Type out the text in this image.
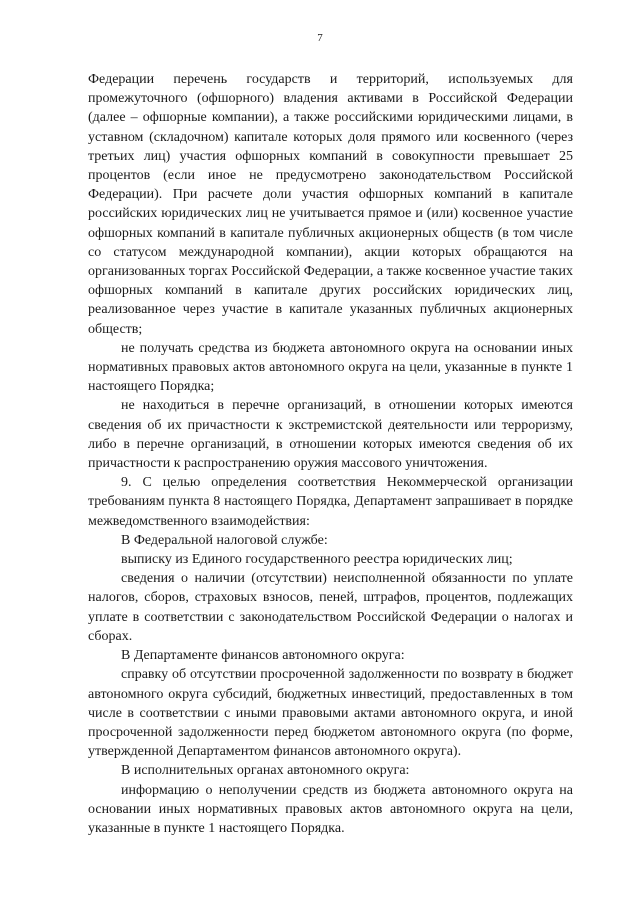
7

Федерации перечень государств и территорий, используемых для промежуточного (офшорного) владения активами в Российской Федерации (далее – офшорные компании), а также российскими юридическими лицами, в уставном (складочном) капитале которых доля прямого или косвенного (через третьих лиц) участия офшорных компаний в совокупности превышает 25 процентов (если иное не предусмотрено законодательством Российской Федерации). При расчете доли участия офшорных компаний в капитале российских юридических лиц не учитывается прямое и (или) косвенное участие офшорных компаний в капитале публичных акционерных обществ (в том числе со статусом международной компании), акции которых обращаются на организованных торгах Российской Федерации, а также косвенное участие таких офшорных компаний в капитале других российских юридических лиц, реализованное через участие в капитале указанных публичных акционерных обществ;

не получать средства из бюджета автономного округа на основании иных нормативных правовых актов автономного округа на цели, указанные в пункте 1 настоящего Порядка;

не находиться в перечне организаций, в отношении которых имеются сведения об их причастности к экстремистской деятельности или терроризму, либо в перечне организаций, в отношении которых имеются сведения об их причастности к распространению оружия массового уничтожения.

9. С целью определения соответствия Некоммерческой организации требованиям пункта 8 настоящего Порядка, Департамент запрашивает в порядке межведомственного взаимодействия:

В Федеральной налоговой службе:

выписку из Единого государственного реестра юридических лиц;

сведения о наличии (отсутствии) неисполненной обязанности по уплате налогов, сборов, страховых взносов, пеней, штрафов, процентов, подлежащих уплате в соответствии с законодательством Российской Федерации о налогах и сборах.

В Департаменте финансов автономного округа:

справку об отсутствии просроченной задолженности по возврату в бюджет автономного округа субсидий, бюджетных инвестиций, предоставленных в том числе в соответствии с иными правовыми актами автономного округа, и иной просроченной задолженности перед бюджетом автономного округа (по форме, утвержденной Департаментом финансов автономного округа).

В исполнительных органах автономного округа:

информацию о неполучении средств из бюджета автономного округа на основании иных нормативных правовых актов автономного округа на цели, указанные в пункте 1 настоящего Порядка.
